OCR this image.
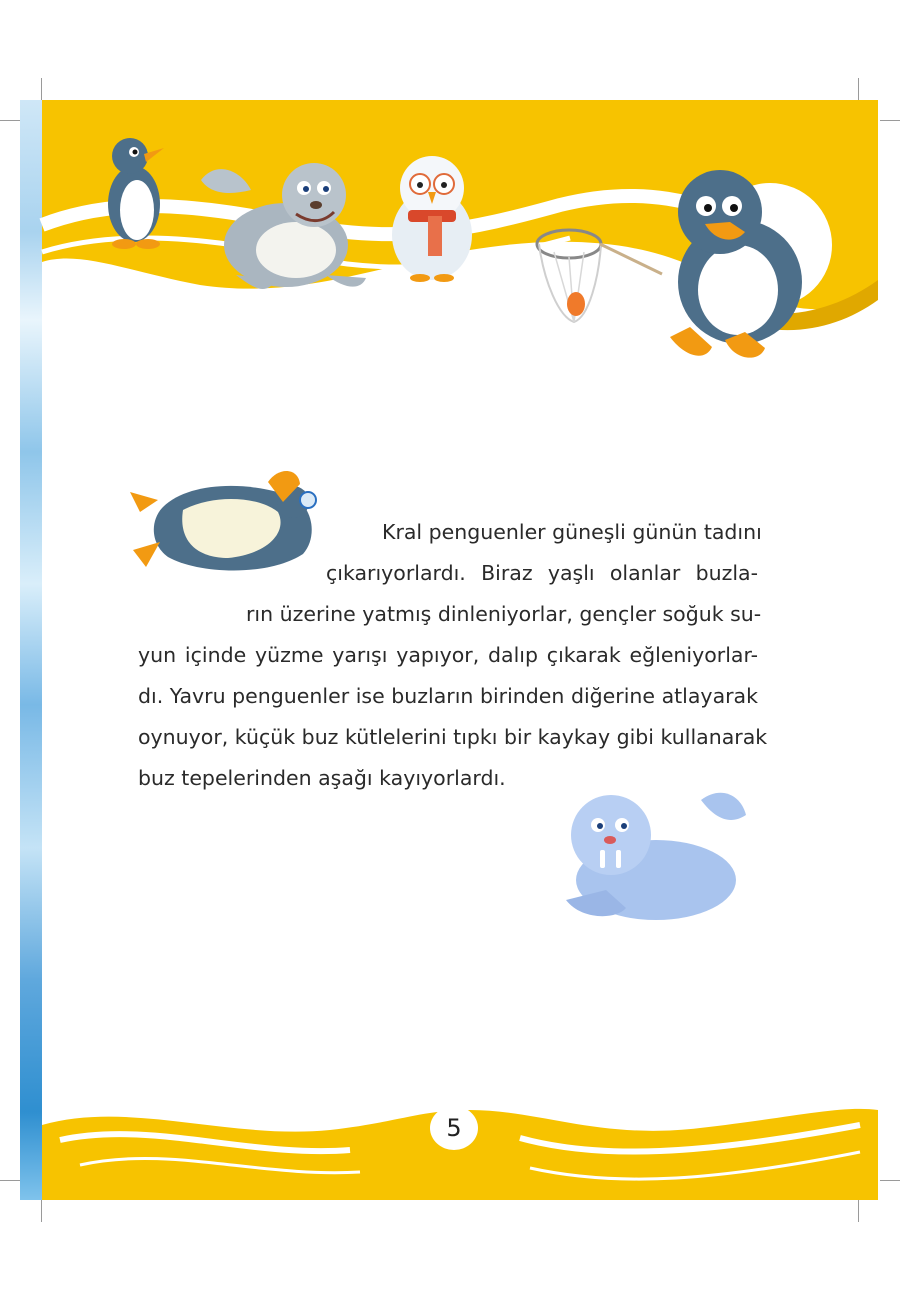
Kral penguenler güneşli günün tadını
çıkarıyorlardı. Biraz yaşlı olanlar buzla-
rın üzerine yatmış dinleniyorlar, gençler soğuk su-
yun içinde yüzme yarışı yapıyor, dalıp çıkarak eğleniyorlar-
dı. Yavru penguenler ise buzların birinden diğerine atlayarak
oynuyor, küçük buz kütlelerini tıpkı bir kaykay gibi kullanarak
buz tepelerinden aşağı kayıyorlardı.
5
